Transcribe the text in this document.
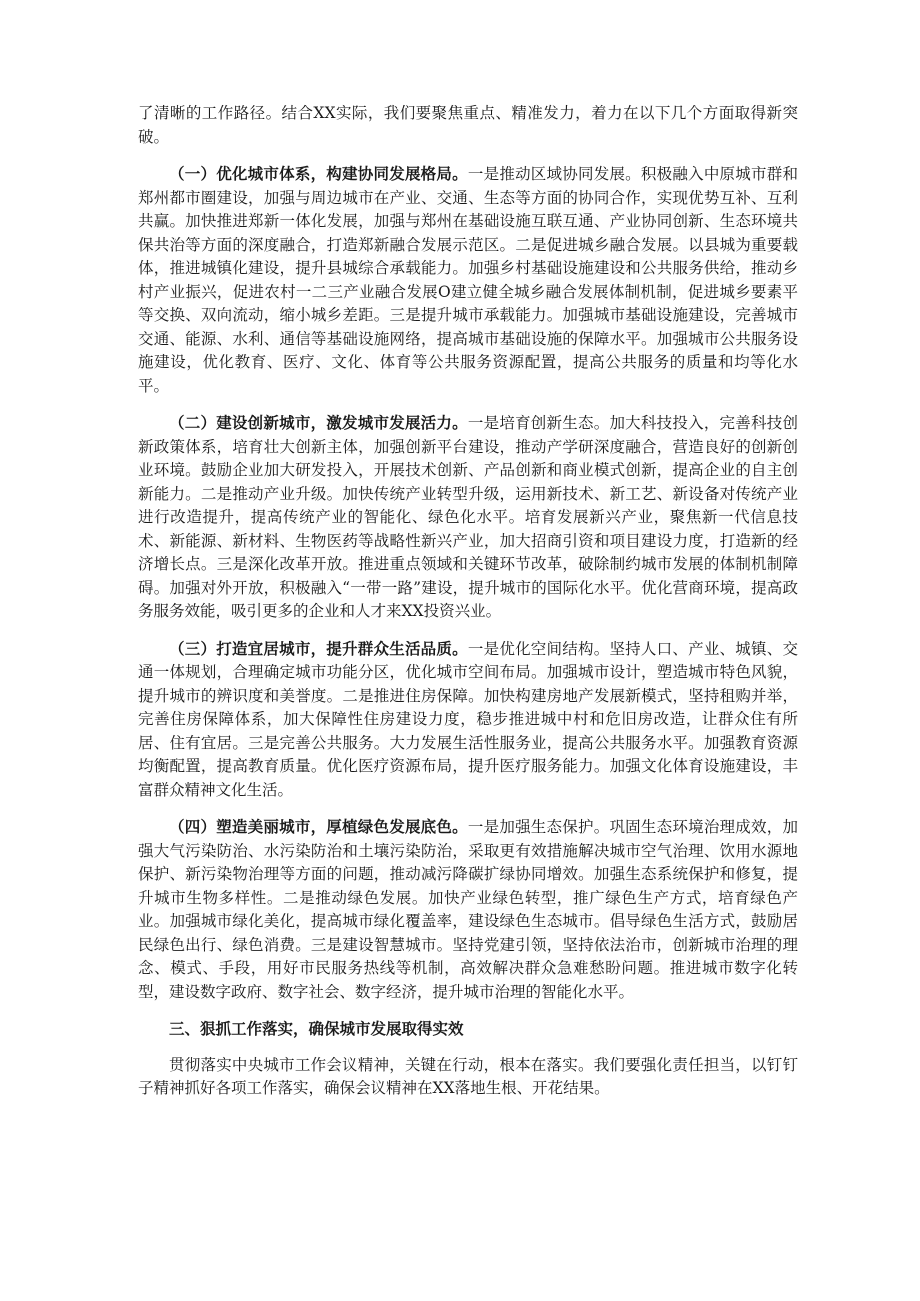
了清晰的工作路径。结合XX实际，我们要聚焦重点、精准发力，着力在以下几个方面取得新突破。

（一）优化城市体系，构建协同发展格局。一是推动区域协同发展。积极融入中原城市群和郑州都市圈建设，加强与周边城市在产业、交通、生态等方面的协同合作，实现优势互补、互利共赢。加快推进郑新一体化发展，加强与郑州在基础设施互联互通、产业协同创新、生态环境共保共治等方面的深度融合，打造郑新融合发展示范区。二是促进城乡融合发展。以县城为重要载体，推进城镇化建设，提升县城综合承载能力。加强乡村基础设施建设和公共服务供给，推动乡村产业振兴，促进农村一二三产业融合发展O建立健全城乡融合发展体制机制，促进城乡要素平等交换、双向流动，缩小城乡差距。三是提升城市承载能力。加强城市基础设施建设，完善城市交通、能源、水利、通信等基础设施网络，提高城市基础设施的保障水平。加强城市公共服务设施建设，优化教育、医疗、文化、体育等公共服务资源配置，提高公共服务的质量和均等化水平。

（二）建设创新城市，激发城市发展活力。一是培育创新生态。加大科技投入，完善科技创新政策体系，培育壮大创新主体，加强创新平台建设，推动产学研深度融合，营造良好的创新创业环境。鼓励企业加大研发投入，开展技术创新、产品创新和商业模式创新，提高企业的自主创新能力。二是推动产业升级。加快传统产业转型升级，运用新技术、新工艺、新设备对传统产业进行改造提升，提高传统产业的智能化、绿色化水平。培育发展新兴产业，聚焦新一代信息技术、新能源、新材料、生物医药等战略性新兴产业，加大招商引资和项目建设力度，打造新的经济增长点。三是深化改革开放。推进重点领域和关键环节改革，破除制约城市发展的体制机制障碍。加强对外开放，积极融入“一带一路”建设，提升城市的国际化水平。优化营商环境，提高政务服务效能，吸引更多的企业和人才来XX投资兴业。

（三）打造宜居城市，提升群众生活品质。一是优化空间结构。坚持人口、产业、城镇、交通一体规划，合理确定城市功能分区，优化城市空间布局。加强城市设计，塑造城市特色风貌，提升城市的辨识度和美誉度。二是推进住房保障。加快构建房地产发展新模式，坚持租购并举，完善住房保障体系，加大保障性住房建设力度，稳步推进城中村和危旧房改造，让群众住有所居、住有宜居。三是完善公共服务。大力发展生活性服务业，提高公共服务水平。加强教育资源均衡配置，提高教育质量。优化医疗资源布局，提升医疗服务能力。加强文化体育设施建设，丰富群众精神文化生活。

（四）塑造美丽城市，厚植绿色发展底色。一是加强生态保护。巩固生态环境治理成效，加强大气污染防治、水污染防治和土壤污染防治，采取更有效措施解决城市空气治理、饮用水源地保护、新污染物治理等方面的问题，推动减污降碳扩绿协同增效。加强生态系统保护和修复，提升城市生物多样性。二是推动绿色发展。加快产业绿色转型，推广绿色生产方式，培育绿色产业。加强城市绿化美化，提高城市绿化覆盖率，建设绿色生态城市。倡导绿色生活方式，鼓励居民绿色出行、绿色消费。三是建设智慧城市。坚持党建引领，坚持依法治市，创新城市治理的理念、模式、手段，用好市民服务热线等机制，高效解决群众急难愁盼问题。推进城市数字化转型，建设数字政府、数字社会、数字经济，提升城市治理的智能化水平。

三、狠抓工作落实，确保城市发展取得实效

贯彻落实中央城市工作会议精神，关键在行动，根本在落实。我们要强化责任担当，以钉钉子精神抓好各项工作落实，确保会议精神在XX落地生根、开花结果。
